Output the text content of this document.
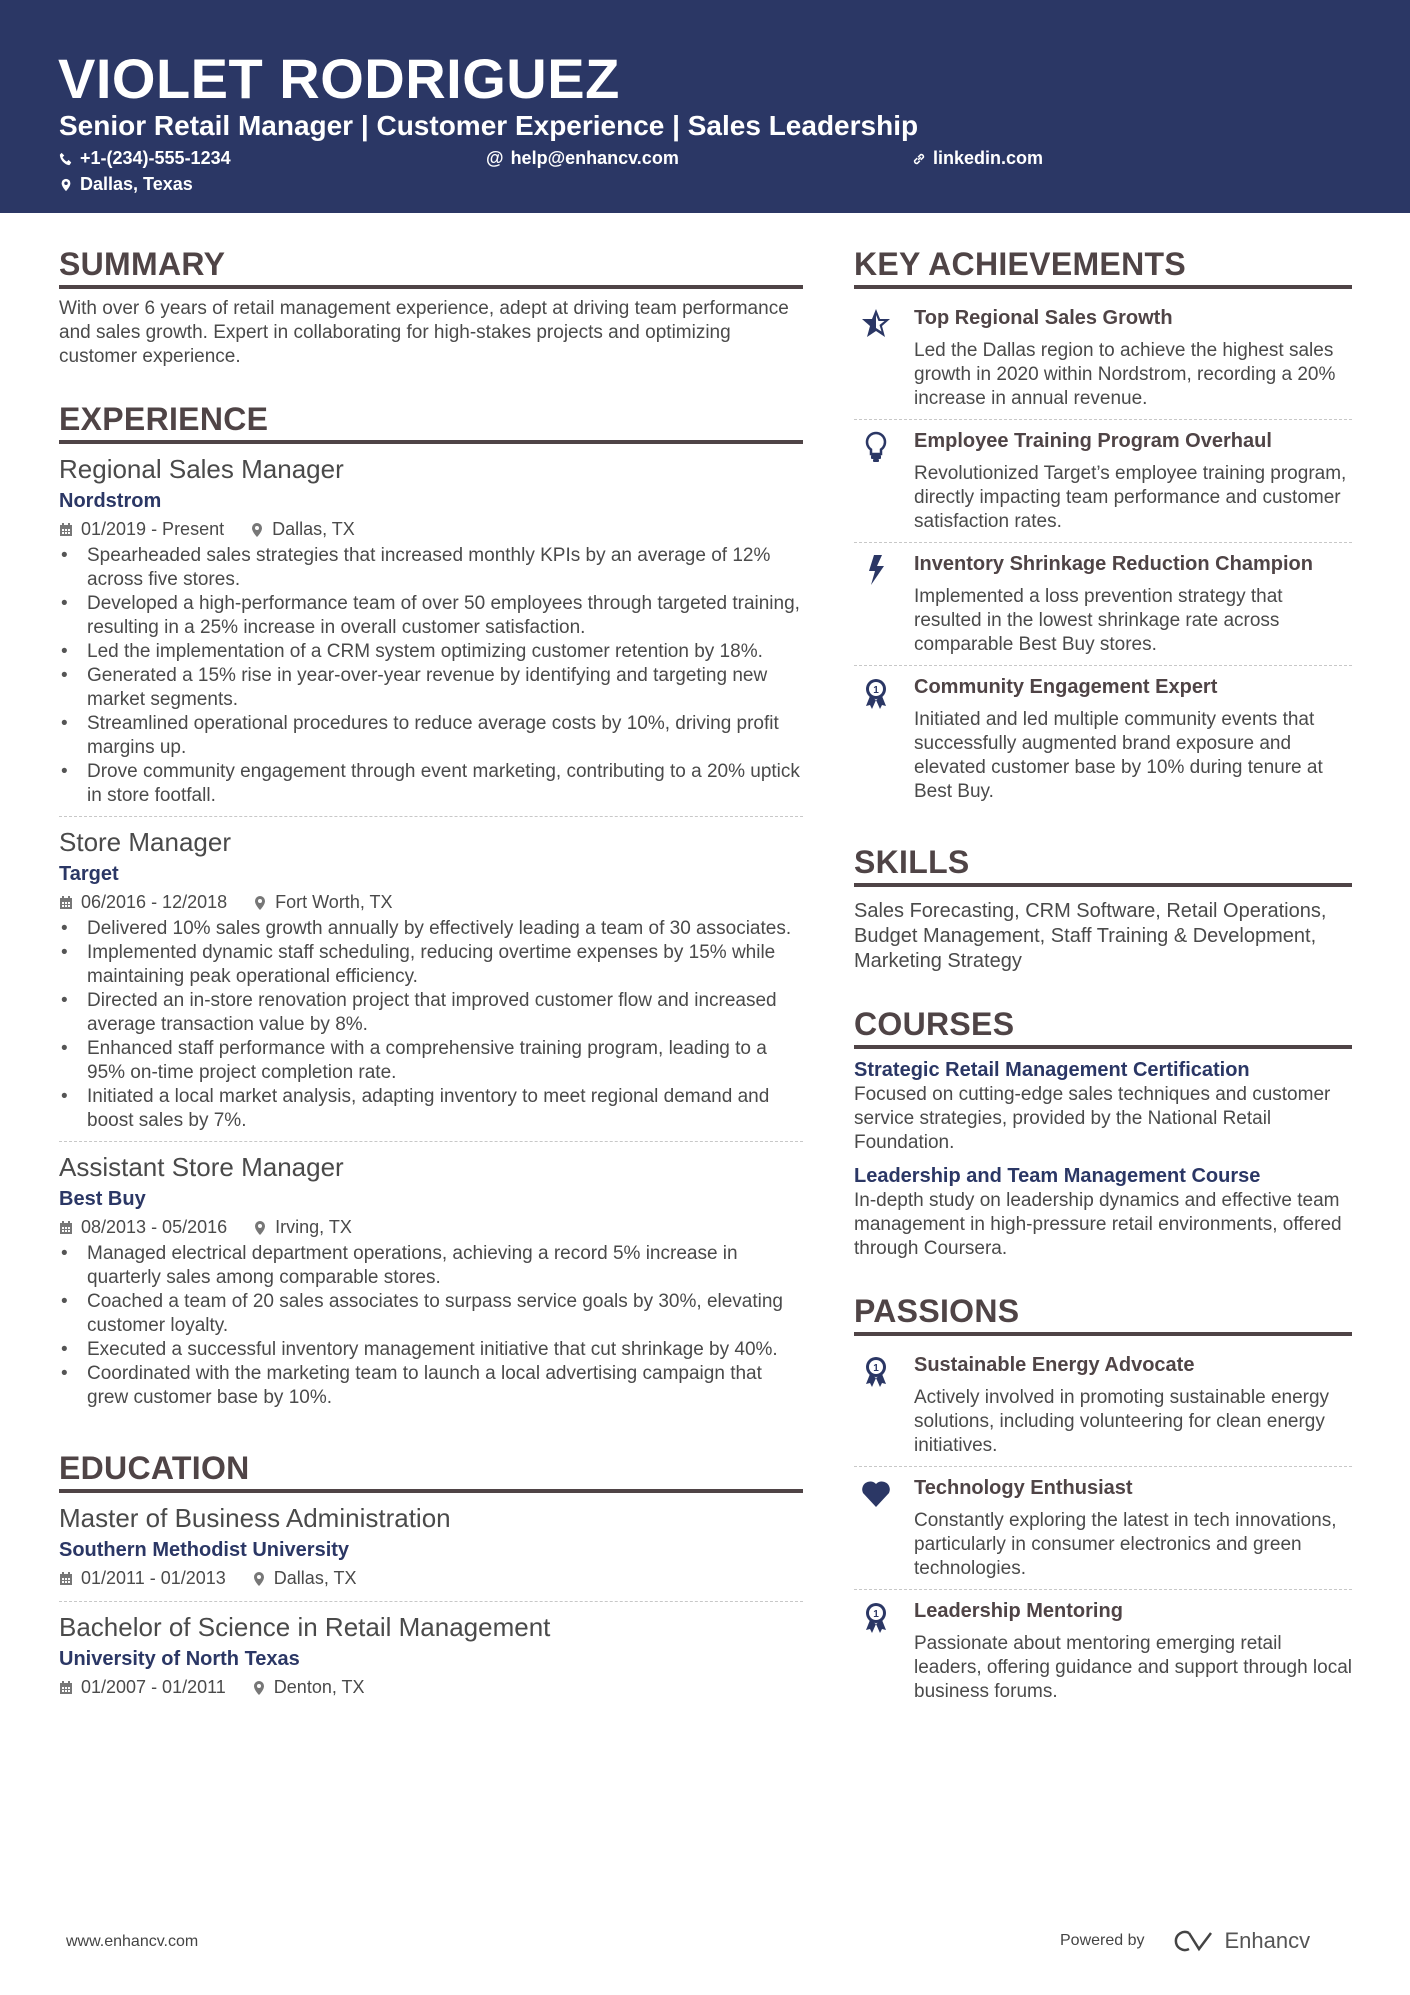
VIOLET RODRIGUEZ
Senior Retail Manager | Customer Experience | Sales Leadership
+1-(234)-555-1234	@ help@enhancv.com	linkedin.com
Dallas, Texas
SUMMARY
With over 6 years of retail management experience, adept at driving team performance and sales growth. Expert in collaborating for high-stakes projects and optimizing customer experience.
EXPERIENCE
Regional Sales Manager
Nordstrom
01/2019 - Present	Dallas, TX
• Spearheaded sales strategies that increased monthly KPIs by an average of 12% across five stores.
• Developed a high-performance team of over 50 employees through targeted training, resulting in a 25% increase in overall customer satisfaction.
• Led the implementation of a CRM system optimizing customer retention by 18%.
• Generated a 15% rise in year-over-year revenue by identifying and targeting new market segments.
• Streamlined operational procedures to reduce average costs by 10%, driving profit margins up.
• Drove community engagement through event marketing, contributing to a 20% uptick in store footfall.
Store Manager
Target
06/2016 - 12/2018	Fort Worth, TX
• Delivered 10% sales growth annually by effectively leading a team of 30 associates.
• Implemented dynamic staff scheduling, reducing overtime expenses by 15% while maintaining peak operational efficiency.
• Directed an in-store renovation project that improved customer flow and increased average transaction value by 8%.
• Enhanced staff performance with a comprehensive training program, leading to a 95% on-time project completion rate.
• Initiated a local market analysis, adapting inventory to meet regional demand and boost sales by 7%.
Assistant Store Manager
Best Buy
08/2013 - 05/2016	Irving, TX
• Managed electrical department operations, achieving a record 5% increase in quarterly sales among comparable stores.
• Coached a team of 20 sales associates to surpass service goals by 30%, elevating customer loyalty.
• Executed a successful inventory management initiative that cut shrinkage by 40%.
• Coordinated with the marketing team to launch a local advertising campaign that grew customer base by 10%.
EDUCATION
Master of Business Administration
Southern Methodist University
01/2011 - 01/2013	Dallas, TX
Bachelor of Science in Retail Management
University of North Texas
01/2007 - 01/2011	Denton, TX
KEY ACHIEVEMENTS
Top Regional Sales Growth
Led the Dallas region to achieve the highest sales growth in 2020 within Nordstrom, recording a 20% increase in annual revenue.
Employee Training Program Overhaul
Revolutionized Target’s employee training program, directly impacting team performance and customer satisfaction rates.
Inventory Shrinkage Reduction Champion
Implemented a loss prevention strategy that resulted in the lowest shrinkage rate across comparable Best Buy stores.
1 Community Engagement Expert
Initiated and led multiple community events that successfully augmented brand exposure and elevated customer base by 10% during tenure at Best Buy.
SKILLS
Sales Forecasting, CRM Software, Retail Operations, Budget Management, Staff Training & Development, Marketing Strategy
COURSES
Strategic Retail Management Certification
Focused on cutting-edge sales techniques and customer service strategies, provided by the National Retail Foundation.
Leadership and Team Management Course
In-depth study on leadership dynamics and effective team management in high-pressure retail environments, offered through Coursera.
PASSIONS
1 Sustainable Energy Advocate
Actively involved in promoting sustainable energy solutions, including volunteering for clean energy initiatives.
Technology Enthusiast
Constantly exploring the latest in tech innovations, particularly in consumer electronics and green technologies.
1 Leadership Mentoring
Passionate about mentoring emerging retail leaders, offering guidance and support through local business forums.
www.enhancv.com	Powered by	Enhancv
